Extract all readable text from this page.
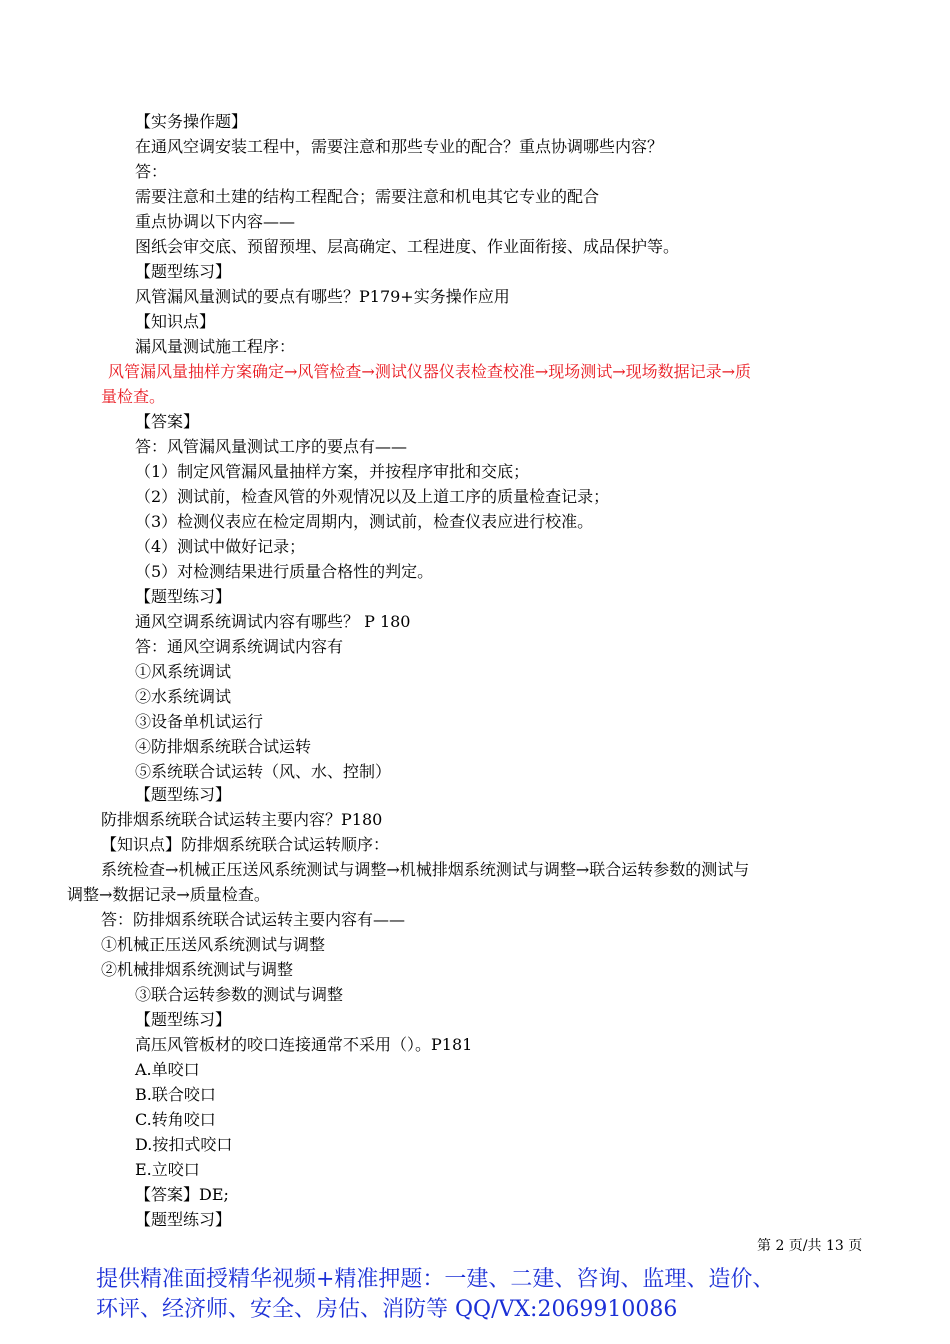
【实务操作题】

在通风空调安装工程中，需要注意和那些专业的配合？重点协调哪些内容？

答：

需要注意和土建的结构工程配合；需要注意和机电其它专业的配合

重点协调以下内容——

图纸会审交底、预留预埋、层高确定、工程进度、作业面衔接、成品保护等。

【题型练习】

风管漏风量测试的要点有哪些？P179+实务操作应用

【知识点】

漏风量测试施工程序：

风管漏风量抽样方案确定→风管检查→测试仪器仪表检查校准→现场测试→现场数据记录→质

量检查。

【答案】

答：风管漏风量测试工序的要点有——

（1）制定风管漏风量抽样方案，并按程序审批和交底；

（2）测试前，检查风管的外观情况以及上道工序的质量检查记录；

（3）检测仪表应在检定周期内，测试前，检查仪表应进行校准。

（4）测试中做好记录；

（5）对检测结果进行质量合格性的判定。

【题型练习】

通风空调系统调试内容有哪些？ P 180

答：通风空调系统调试内容有

①风系统调试

②水系统调试

③设备单机试运行

④防排烟系统联合试运转

⑤系统联合试运转（风、水、控制）

【题型练习】

防排烟系统联合试运转主要内容？P180

【知识点】防排烟系统联合试运转顺序：

系统检查→机械正压送风系统测试与调整→机械排烟系统测试与调整→联合运转参数的测试与

调整→数据记录→质量检查。

答：防排烟系统联合试运转主要内容有——

①机械正压送风系统测试与调整

②机械排烟系统测试与调整

③联合运转参数的测试与调整

【题型练习】

高压风管板材的咬口连接通常不采用（）。P181

A.单咬口

B.联合咬口

C.转角咬口

D.按扣式咬口

E.立咬口

【答案】DE;

【题型练习】

第 2 页/共 13 页
提供精准面授精华视频+精准押题：一建、二建、咨询、监理、造价、
环评、经济师、安全、房估、消防等 QQ/VX:2069910086
